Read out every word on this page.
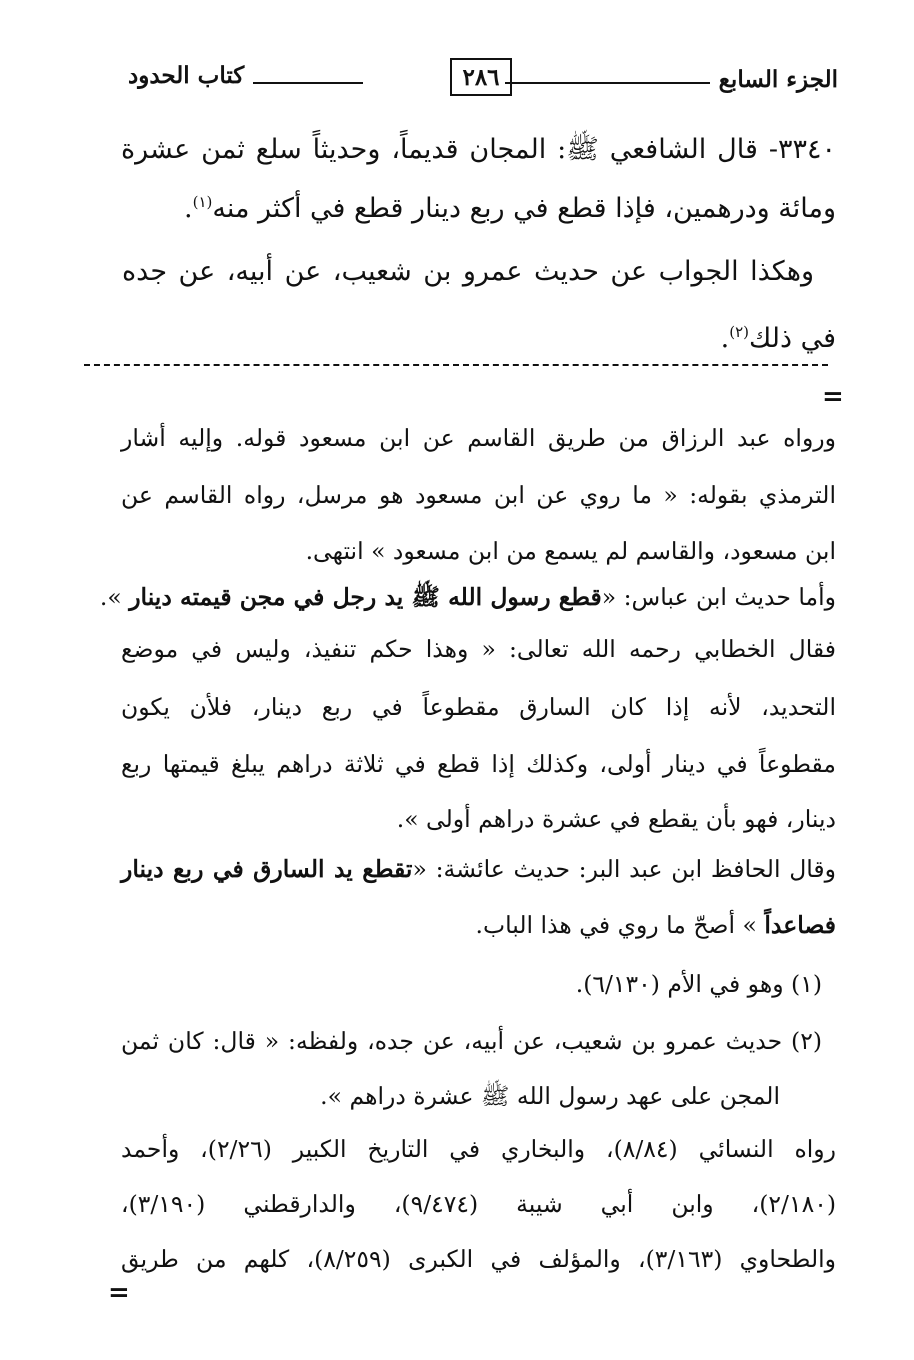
الجزء السابع
٢٨٦
كتاب الحدود
٣٣٤٠- قال الشافعي ﷺ: المجان قديماً، وحديثاً سلع ثمن عشرة
ومائة ودرهمين، فإذا قطع في ربع دينار قطع في أكثر منه$^{(١)}$.
وهكذا الجواب عن حديث عمرو بن شعيب، عن أبيه، عن جده
في ذلك$^{(٢)}$.
=
ورواه عبد الرزاق من طريق القاسم عن ابن مسعود قوله. وإليه أشار
الترمذي بقوله: « ما روي عن ابن مسعود هو مرسل، رواه القاسم عن
ابن مسعود، والقاسم لم يسمع من ابن مسعود » انتهى.
وأما حديث ابن عباس: «قطع رسول الله ﷺ يد رجل في مجن قيمته دينار ».
فقال الخطابي رحمه الله تعالى: « وهذا حكم تنفيذ، وليس في موضع
التحديد، لأنه إذا كان السارق مقطوعاً في ربع دينار، فلأن يكون
مقطوعاً في دينار أولى، وكذلك إذا قطع في ثلاثة دراهم يبلغ قيمتها ربع
دينار، فهو بأن يقطع في عشرة دراهم أولى ».
وقال الحافظ ابن عبد البر: حديث عائشة: «تقطع يد السارق في ربع دينار
فصاعداً » أصحّ ما روي في هذا الباب.
(١) وهو في الأم (٦/١٣٠).
(٢) حديث عمرو بن شعيب، عن أبيه، عن جده، ولفظه: « قال: كان ثمن
المجن على عهد رسول الله ﷺ عشرة دراهم ».
رواه النسائي (٨/٨٤)، والبخاري في التاريخ الكبير (٢/٢٦)، وأحمد
(٢/١٨٠)، وابن أبي شيبة (٩/٤٧٤)، والدارقطني (٣/١٩٠)،
والطحاوي (٣/١٦٣)، والمؤلف في الكبرى (٨/٢٥٩)، كلهم من طريق
=
